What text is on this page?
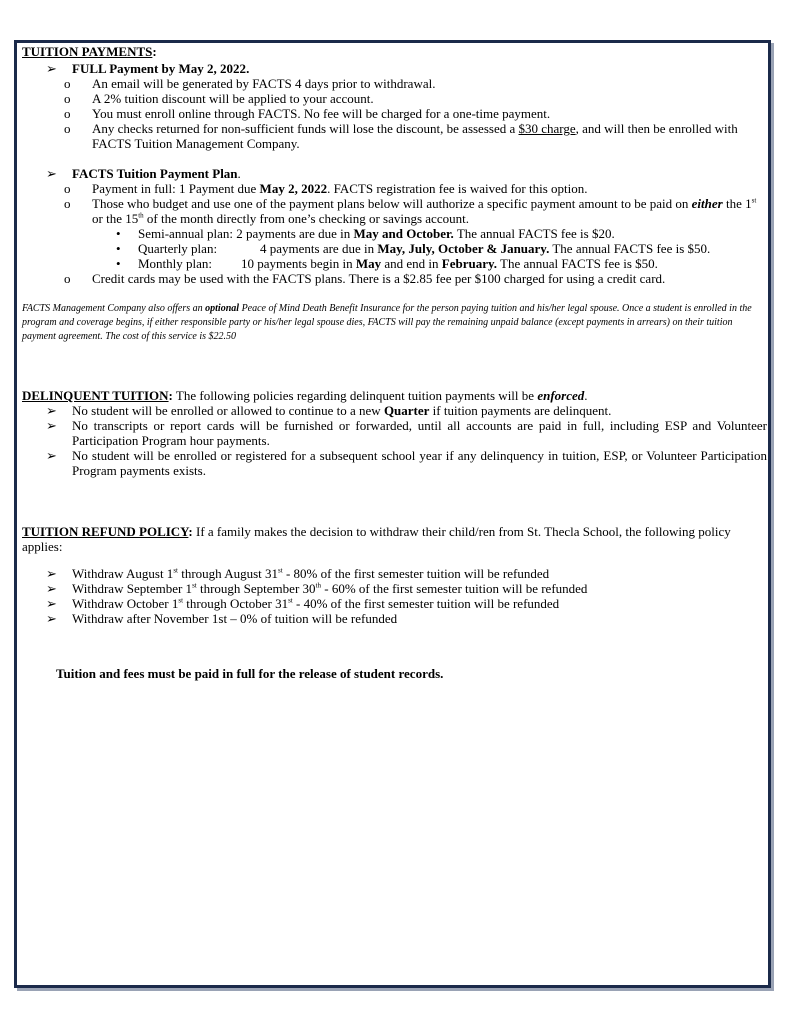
TUITION PAYMENTS:

➢ FULL Payment by May 2, 2022.
o An email will be generated by FACTS 4 days prior to withdrawal.
o A 2% tuition discount will be applied to your account.
o You must enroll online through FACTS. No fee will be charged for a one-time payment.
o Any checks returned for non-sufficient funds will lose the discount, be assessed a $30 charge, and will then be enrolled with FACTS Tuition Management Company.
➢ FACTS Tuition Payment Plan.
o Payment in full: 1 Payment due May 2, 2022. FACTS registration fee is waived for this option.
o Those who budget and use one of the payment plans below will authorize a specific payment amount to be paid on either the 1st or the 15th of the month directly from one’s checking or savings account.
• Semi-annual plan: 2 payments are due in May and October. The annual FACTS fee is $20.
• Quarterly plan:	4 payments are due in May, July, October & January. The annual FACTS fee is $50.
• Monthly plan: 10 payments begin in May and end in February. The annual FACTS fee is $50.
o Credit cards may be used with the FACTS plans. There is a $2.85 fee per $100 charged for using a credit card.

FACTS Management Company also offers an optional Peace of Mind Death Benefit Insurance for the person paying tuition and his/her legal spouse. Once a student is enrolled in the program and coverage begins, if either responsible party or his/her legal spouse dies, FACTS will pay the remaining unpaid balance (except payments in arrears) on their tuition payment agreement. The cost of this service is $22.50

DELINQUENT TUITION: The following policies regarding delinquent tuition payments will be enforced.

➢ No student will be enrolled or allowed to continue to a new Quarter if tuition payments are delinquent.
➢ No transcripts or report cards will be furnished or forwarded, until all accounts are paid in full, including ESP and Volunteer Participation Program hour payments.
➢ No student will be enrolled or registered for a subsequent school year if any delinquency in tuition, ESP, or Volunteer Participation Program payments exists.

TUITION REFUND POLICY: If a family makes the decision to withdraw their child/ren from St. Thecla School, the following policy applies:

➢ Withdraw August 1st through August 31st - 80% of the first semester tuition will be refunded
➢ Withdraw September 1st through September 30th - 60% of the first semester tuition will be refunded
➢ Withdraw October 1st through October 31st - 40% of the first semester tuition will be refunded
➢ Withdraw after November 1st – 0% of tuition will be refunded

Tuition and fees must be paid in full for the release of student records.
